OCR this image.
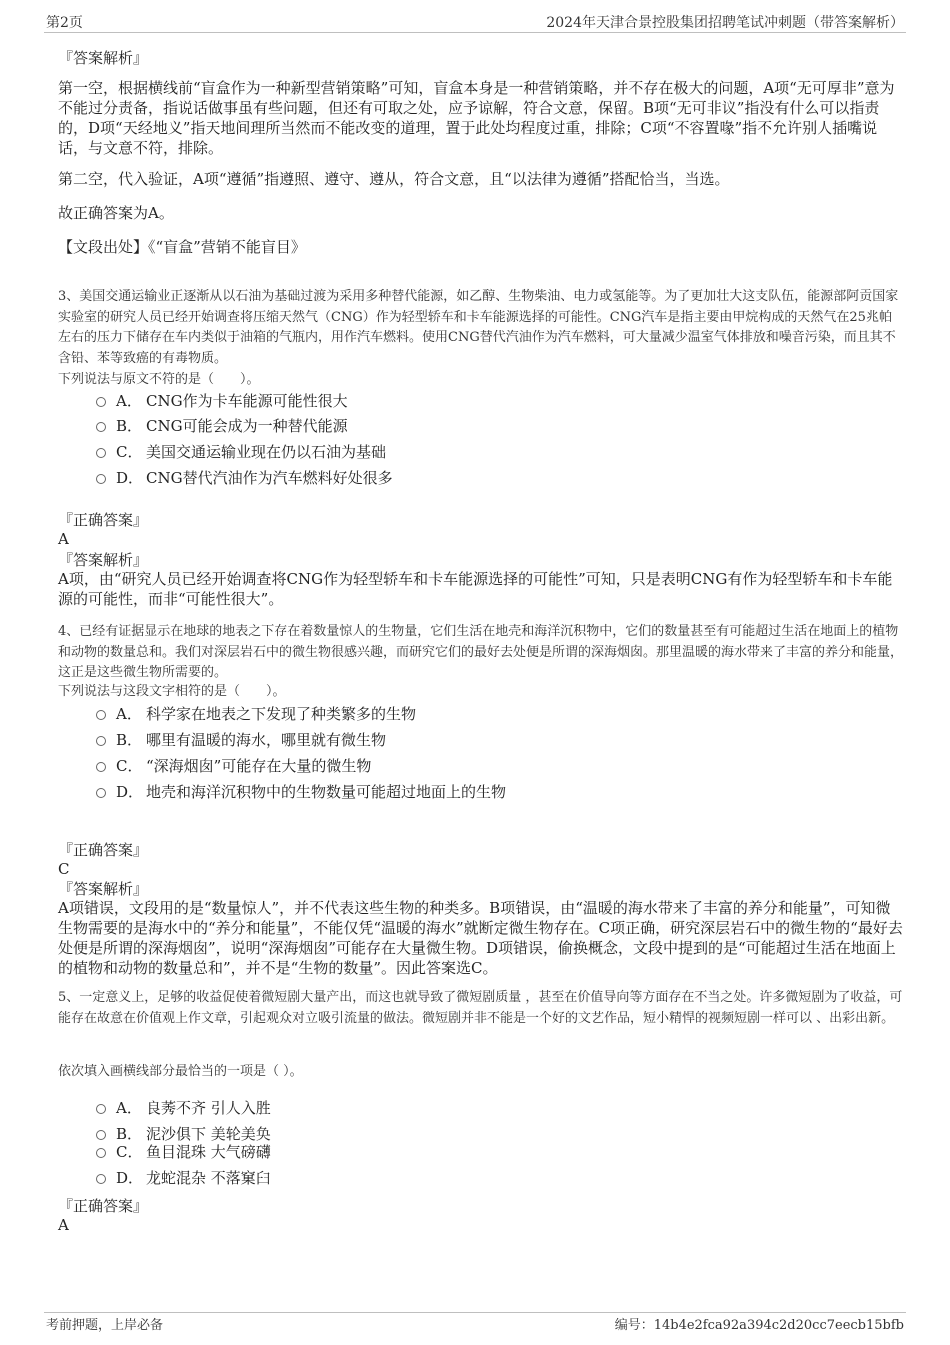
第2页	2024年天津合景控股集团招聘笔试冲刺题（带答案解析）

『答案解析』

第一空，根据横线前“盲盒作为一种新型营销策略”可知，盲盒本身是一种营销策略，并不存在极大的问题，A项“无可厚非”意为不能过分责备，指说话做事虽有些问题，但还有可取之处，应予谅解，符合文意，保留。B项“无可非议”指没有什么可以指责的，D项“天经地义”指天地间理所当然而不能改变的道理，置于此处均程度过重，排除；C项“不容置喙”指不允许别人插嘴说话，与文意不符，排除。

第二空，代入验证，A项“遵循”指遵照、遵守、遵从，符合文意，且“以法律为遵循”搭配恰当，当选。

故正确答案为A。

【文段出处】《“盲盒”营销不能盲目》

3、美国交通运输业正逐渐从以石油为基础过渡为采用多种替代能源，如乙醇、生物柴油、电力或氢能等。为了更加壮大这支队伍，能源部阿贡国家实验室的研究人员已经开始调查将压缩天然气（CNG）作为轻型轿车和卡车能源选择的可能性。CNG汽车是指主要由甲烷构成的天然气在25兆帕左右的压力下储存在车内类似于油箱的气瓶内，用作汽车燃料。使用CNG替代汽油作为汽车燃料，可大量减少温室气体排放和噪音污染，而且其不含铅、苯等致癌的有毒物质。

下列说法与原文不符的是（　　）。

A． CNG作为卡车能源可能性很大
B． CNG可能会成为一种替代能源
C． 美国交通运输业现在仍以石油为基础
D． CNG替代汽油作为汽车燃料好处很多

『正确答案』

A

『答案解析』

A项，由“研究人员已经开始调查将CNG作为轻型轿车和卡车能源选择的可能性”可知，只是表明CNG有作为轻型轿车和卡车能源的可能性，而非“可能性很大”。

4、已经有证据显示在地球的地表之下存在着数量惊人的生物量，它们生活在地壳和海洋沉积物中，它们的数量甚至有可能超过生活在地面上的植物和动物的数量总和。我们对深层岩石中的微生物很感兴趣，而研究它们的最好去处便是所谓的深海烟囱。那里温暖的海水带来了丰富的养分和能量，这正是这些微生物所需要的。

下列说法与这段文字相符的是（　　）。

A． 科学家在地表之下发现了种类繁多的生物
B． 哪里有温暖的海水，哪里就有微生物
C． “深海烟囱”可能存在大量的微生物
D． 地壳和海洋沉积物中的生物数量可能超过地面上的生物

『正确答案』

C

『答案解析』

A项错误，文段用的是“数量惊人”，并不代表这些生物的种类多。B项错误，由“温暖的海水带来了丰富的养分和能量”，可知微生物需要的是海水中的“养分和能量”，不能仅凭“温暖的海水”就断定微生物存在。C项正确，研究深层岩石中的微生物的“最好去处便是所谓的深海烟囱”，说明“深海烟囱”可能存在大量微生物。D项错误，偷换概念，文段中提到的是“可能超过生活在地面上的植物和动物的数量总和”，并不是“生物的数量”。因此答案选C。

5、一定意义上，足够的收益促使着微短剧大量产出，而这也就导致了微短剧质量 ，甚至在价值导向等方面存在不当之处。许多微短剧为了收益，可能存在故意在价值观上作文章，引起观众对立吸引流量的做法。微短剧并非不能是一个好的文艺作品，短小精悍的视频短剧一样可以 、出彩出新。

依次填入画横线部分最恰当的一项是（ ）。

A． 良莠不齐 引人入胜
B． 泥沙俱下 美轮美奂
C． 鱼目混珠 大气磅礴
D． 龙蛇混杂 不落窠臼

『正确答案』

A

考前押题，上岸必备	编号：14b4e2fca92a394c2d20cc7eecb15bfb
